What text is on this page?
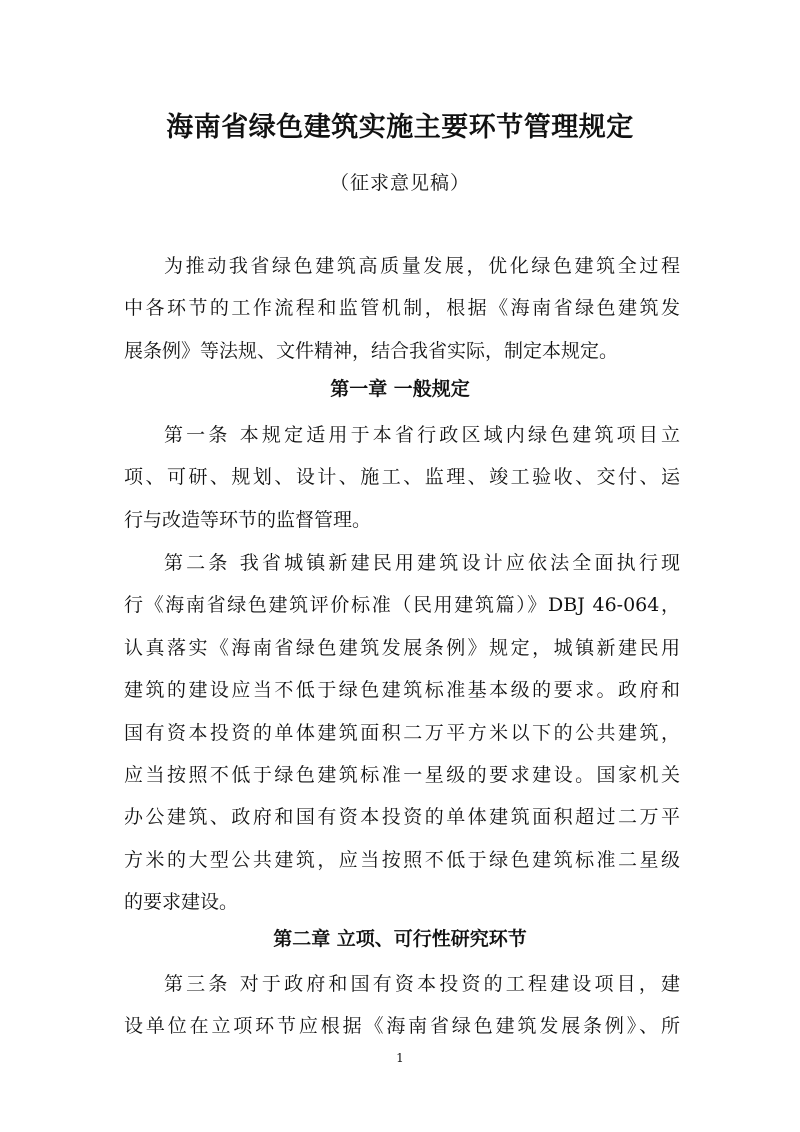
海南省绿色建筑实施主要环节管理规定
（征求意见稿）
为推动我省绿色建筑高质量发展，优化绿色建筑全过程
中各环节的工作流程和监管机制，根据《海南省绿色建筑发
展条例》等法规、文件精神，结合我省实际，制定本规定。
第一章 一般规定
第一条 本规定适用于本省行政区域内绿色建筑项目立
项、可研、规划、设计、施工、监理、竣工验收、交付、运
行与改造等环节的监督管理。
第二条 我省城镇新建民用建筑设计应依法全面执行现
行《海南省绿色建筑评价标准（民用建筑篇）》DBJ 46-064，
认真落实《海南省绿色建筑发展条例》规定，城镇新建民用
建筑的建设应当不低于绿色建筑标准基本级的要求。政府和
国有资本投资的单体建筑面积二万平方米以下的公共建筑，
应当按照不低于绿色建筑标准一星级的要求建设。国家机关
办公建筑、政府和国有资本投资的单体建筑面积超过二万平
方米的大型公共建筑，应当按照不低于绿色建筑标准二星级
的要求建设。
第二章 立项、可行性研究环节
第三条 对于政府和国有资本投资的工程建设项目，建
设单位在立项环节应根据《海南省绿色建筑发展条例》、所
1
